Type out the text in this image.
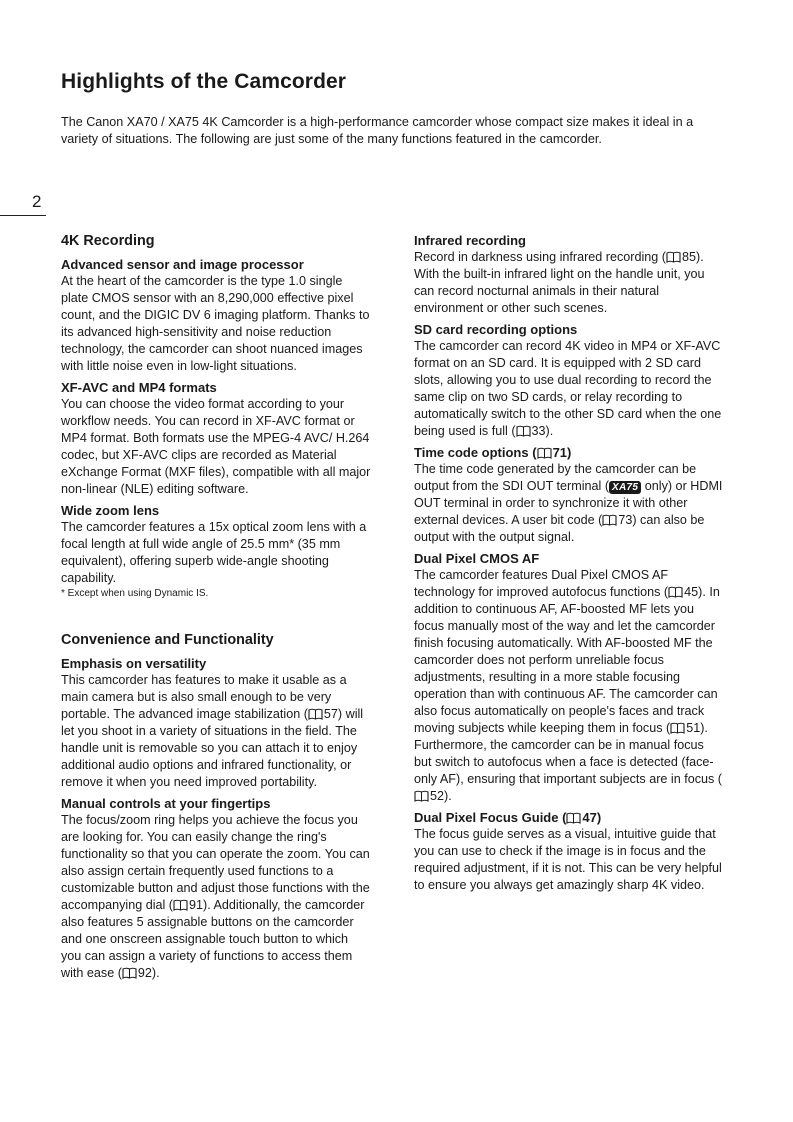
Highlights of the Camcorder

The Canon XA70 / XA75 4K Camcorder is a high-performance camcorder whose compact size makes it ideal in a variety of situations. The following are just some of the many functions featured in the camcorder.

2
4K Recording
Advanced sensor and image processor

At the heart of the camcorder is the type 1.0 single plate CMOS sensor with an 8,290,000 effective pixel count, and the DIGIC DV 6 imaging platform. Thanks to its advanced high-sensitivity and noise reduction technology, the camcorder can shoot nuanced images with little noise even in low-light situations.

XF-AVC and MP4 formats

You can choose the video format according to your workflow needs. You can record in XF-AVC format or MP4 format. Both formats use the MPEG-4 AVC/ H.264 codec, but XF-AVC clips are recorded as Material eXchange Format (MXF files), compatible with all major non-linear (NLE) editing software.

Wide zoom lens

The camcorder features a 15x optical zoom lens with a focal length at full wide angle of 25.5 mm* (35 mm equivalent), offering superb wide-angle shooting capability.

* Except when using Dynamic IS.

Convenience and Functionality
Emphasis on versatility

This camcorder has features to make it usable as a main camera but is also small enough to be very portable. The advanced image stabilization ( 57) will let you shoot in a variety of situations in the field. The handle unit is removable so you can attach it to enjoy additional audio options and infrared functionality, or remove it when you need improved portability.

Manual controls at your fingertips

The focus/zoom ring helps you achieve the focus you are looking for. You can easily change the ring's functionality so that you can operate the zoom. You can also assign certain frequently used functions to a customizable button and adjust those functions with the accompanying dial ( 91). Additionally, the camcorder also features 5 assignable buttons on the camcorder and one onscreen assignable touch button to which you can assign a variety of functions to access them with ease ( 92).

Infrared recording

Record in darkness using infrared recording ( 85). With the built-in infrared light on the handle unit, you can record nocturnal animals in their natural environment or other such scenes.

SD card recording options

The camcorder can record 4K video in MP4 or XF-AVC format on an SD card. It is equipped with 2 SD card slots, allowing you to use dual recording to record the same clip on two SD cards, or relay recording to automatically switch to the other SD card when the one being used is full ( 33).

Time code options ( 71)

The time code generated by the camcorder can be output from the SDI OUT terminal ( XA75 only) or HDMI OUT terminal in order to synchronize it with other external devices. A user bit code ( 73) can also be output with the output signal.

Dual Pixel CMOS AF

The camcorder features Dual Pixel CMOS AF technology for improved autofocus functions ( 45). In addition to continuous AF, AF-boosted MF lets you focus manually most of the way and let the camcorder finish focusing automatically. With AF-boosted MF the camcorder does not perform unreliable focus adjustments, resulting in a more stable focusing operation than with continuous AF. The camcorder can also focus automatically on people's faces and track moving subjects while keeping them in focus ( 51). Furthermore, the camcorder can be in manual focus but switch to autofocus when a face is detected (face-only AF), ensuring that important subjects are in focus (
52).

Dual Pixel Focus Guide ( 47)

The focus guide serves as a visual, intuitive guide that you can use to check if the image is in focus and the required adjustment, if it is not. This can be very helpful to ensure you always get amazingly sharp 4K video.
